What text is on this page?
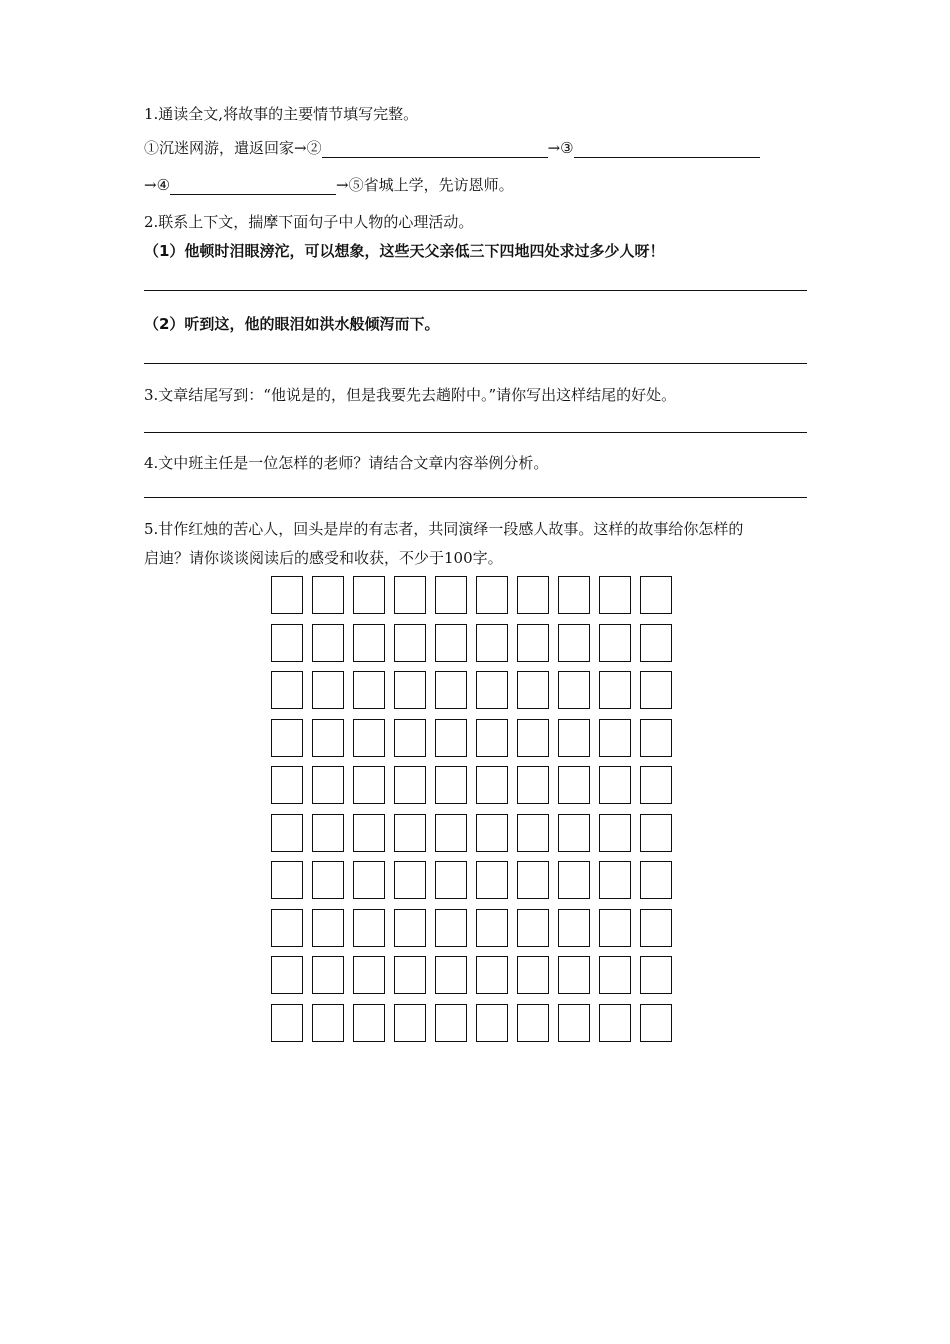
1.通读全文,将故事的主要情节填写完整。
①沉迷网游，遣返回家→②	→③
→④	→⑤省城上学，先访恩师。
2.联系上下文，揣摩下面句子中人物的心理活动。
（1）他顿时泪眼滂沱，可以想象，这些天父亲低三下四地四处求过多少人呀！
（2）听到这，他的眼泪如洪水般倾泻而下。
3.文章结尾写到：“他说是的，但是我要先去趟附中。”请你写出这样结尾的好处。
4.文中班主任是一位怎样的老师？请结合文章内容举例分析。
5.甘作红烛的苦心人，回头是岸的有志者，共同演绎一段感人故事。这样的故事给你怎样的
启迪？请你谈谈阅读后的感受和收获，不少于100字。
